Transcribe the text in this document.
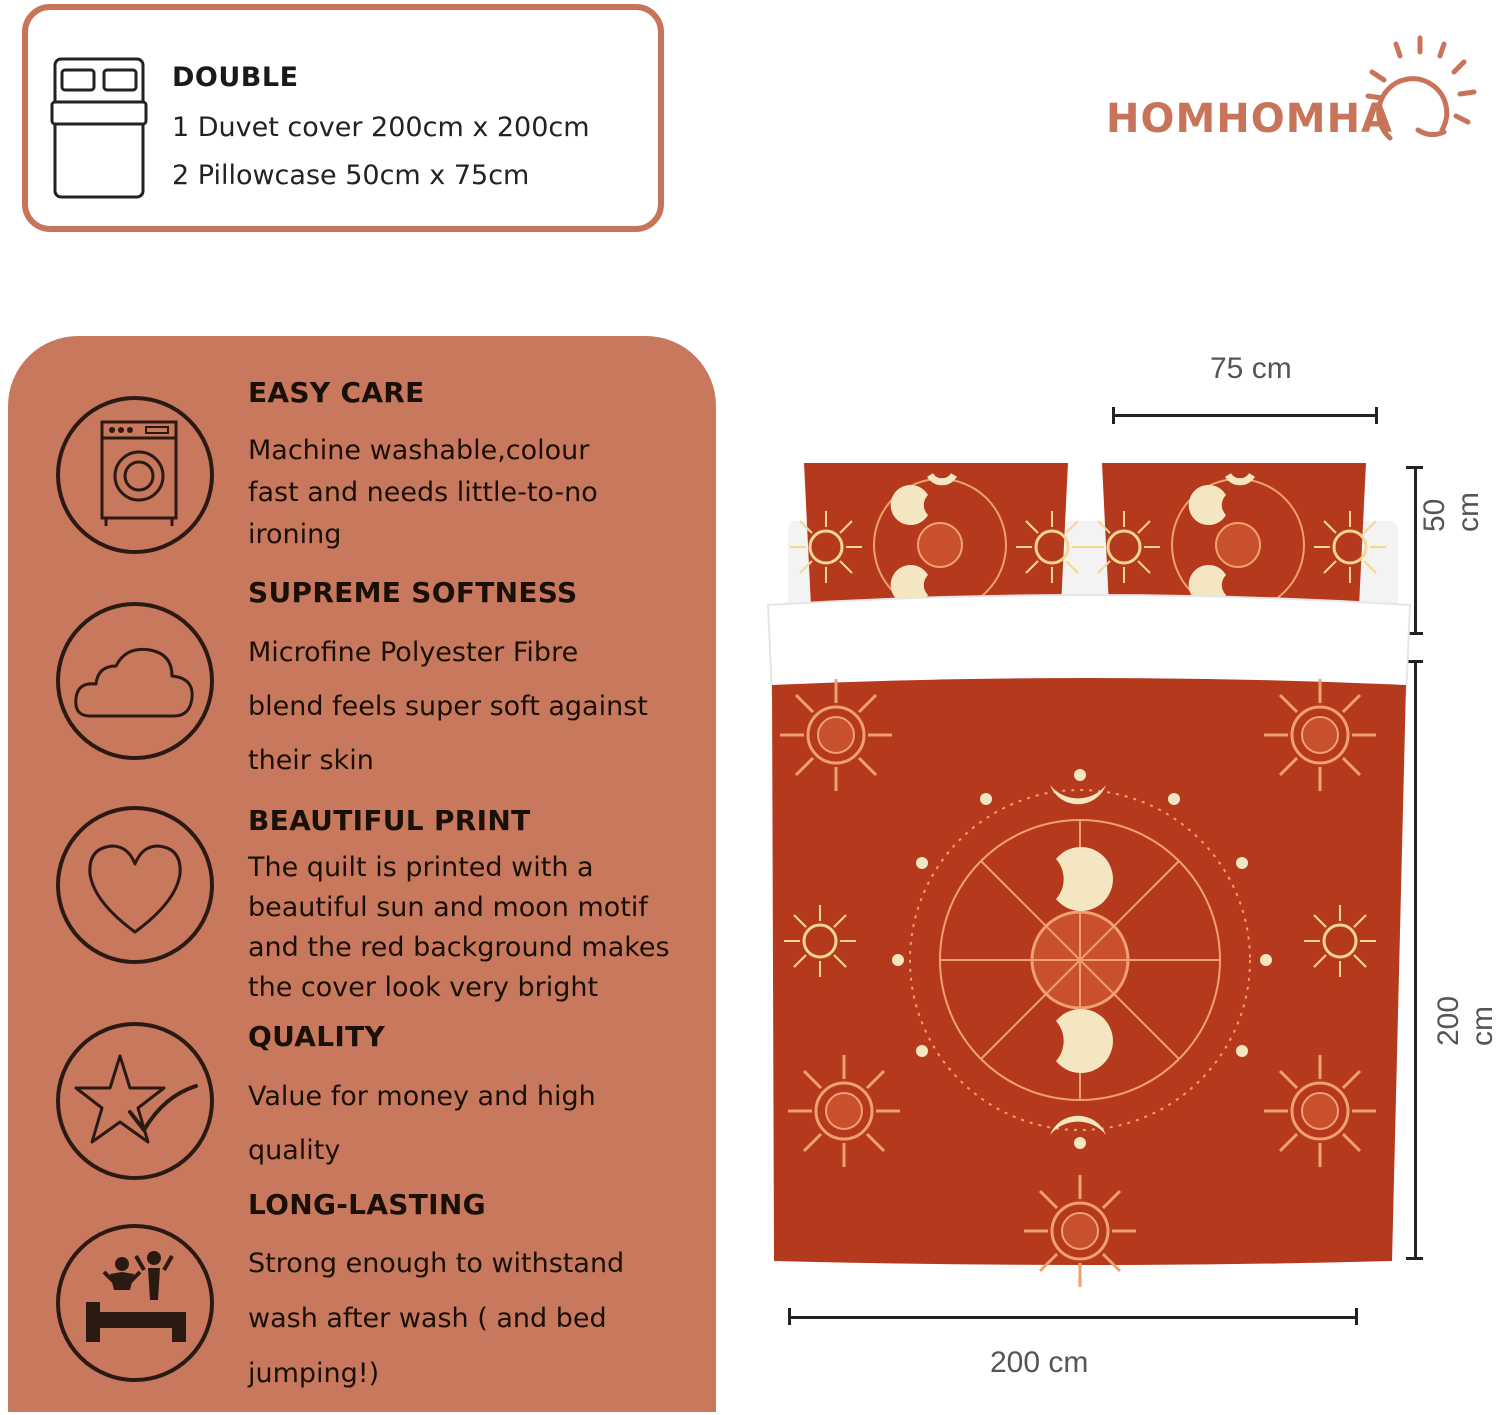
DOUBLE
1 Duvet cover 200cm x 200cm
2 Pillowcase 50cm x 75cm
HOMHOMHA
EASY CARE
Machine washable,colour
fast and needs little-to-no
ironing
SUPREME SOFTNESS
Microfine Polyester Fibre
blend feels super soft against
their skin
BEAUTIFUL PRINT
The quilt is printed with a
beautiful sun and moon motif
and the red background makes
the cover look very bright
QUALITY
Value for money and high
quality
LONG-LASTING
Strong enough to withstand
wash after wash ( and bed
jumping!)
75 cm
50 cm
200 cm
200 cm
